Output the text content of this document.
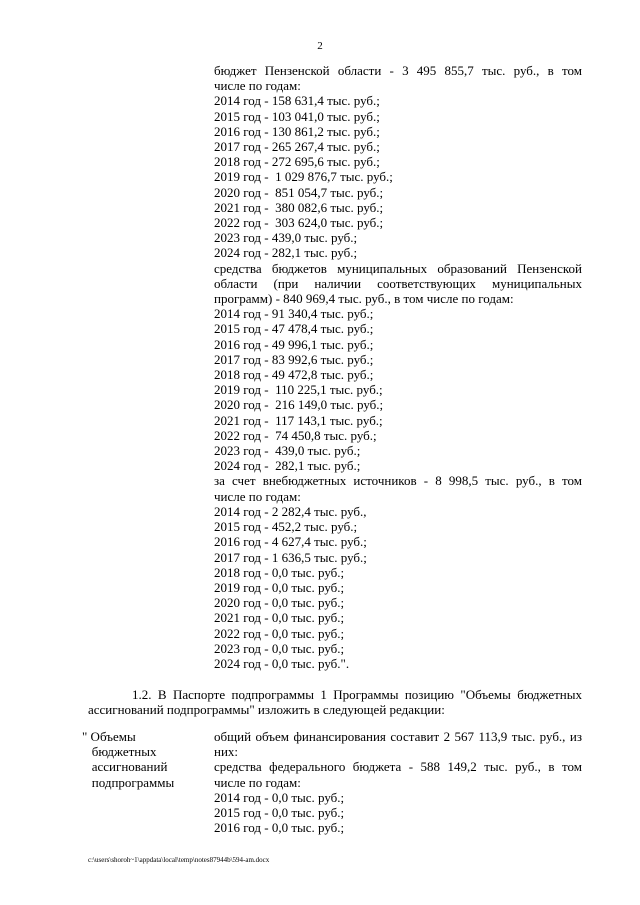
2
бюджет Пензенской области - 3 495 855,7 тыс. руб., в том
числе по годам:
2014 год - 158 631,4 тыс. руб.;
2015 год - 103 041,0 тыс. руб.;
2016 год - 130 861,2 тыс. руб.;
2017 год - 265 267,4 тыс. руб.;
2018 год - 272 695,6 тыс. руб.;
2019 год -  1 029 876,7 тыс. руб.;
2020 год -  851 054,7 тыс. руб.;
2021 год -  380 082,6 тыс. руб.;
2022 год -  303 624,0 тыс. руб.;
2023 год - 439,0 тыс. руб.;
2024 год - 282,1 тыс. руб.;
средства бюджетов муниципальных образований Пензенской
области (при наличии соответствующих муниципальных
программ) - 840 969,4 тыс. руб., в том числе по годам:
2014 год - 91 340,4 тыс. руб.;
2015 год - 47 478,4 тыс. руб.;
2016 год - 49 996,1 тыс. руб.;
2017 год - 83 992,6 тыс. руб.;
2018 год - 49 472,8 тыс. руб.;
2019 год -  110 225,1 тыс. руб.;
2020 год -  216 149,0 тыс. руб.;
2021 год -  117 143,1 тыс. руб.;
2022 год -  74 450,8 тыс. руб.;
2023 год -  439,0 тыс. руб.;
2024 год -  282,1 тыс. руб.;
за счет внебюджетных источников - 8 998,5 тыс. руб., в том
числе по годам:
2014 год - 2 282,4 тыс. руб.,
2015 год - 452,2 тыс. руб.;
2016 год - 4 627,4 тыс. руб.;
2017 год - 1 636,5 тыс. руб.;
2018 год - 0,0 тыс. руб.;
2019 год - 0,0 тыс. руб.;
2020 год - 0,0 тыс. руб.;
2021 год - 0,0 тыс. руб.;
2022 год - 0,0 тыс. руб.;
2023 год - 0,0 тыс. руб.;
2024 год - 0,0 тыс. руб.".
1.2. В Паспорте подпрограммы 1 Программы позицию "Объемы бюджетных
ассигнований подпрограммы" изложить в следующей редакции:
" Объемы
бюджетных
ассигнований
подпрограммы
общий объем финансирования составит 2 567 113,9 тыс. руб., из
них:
средства федерального бюджета - 588 149,2 тыс. руб., в том
числе по годам:
2014 год - 0,0 тыс. руб.;
2015 год - 0,0 тыс. руб.;
2016 год - 0,0 тыс. руб.;
c:\users\shoroh~1\appdata\local\temp\notes87944b\594-am.docx
